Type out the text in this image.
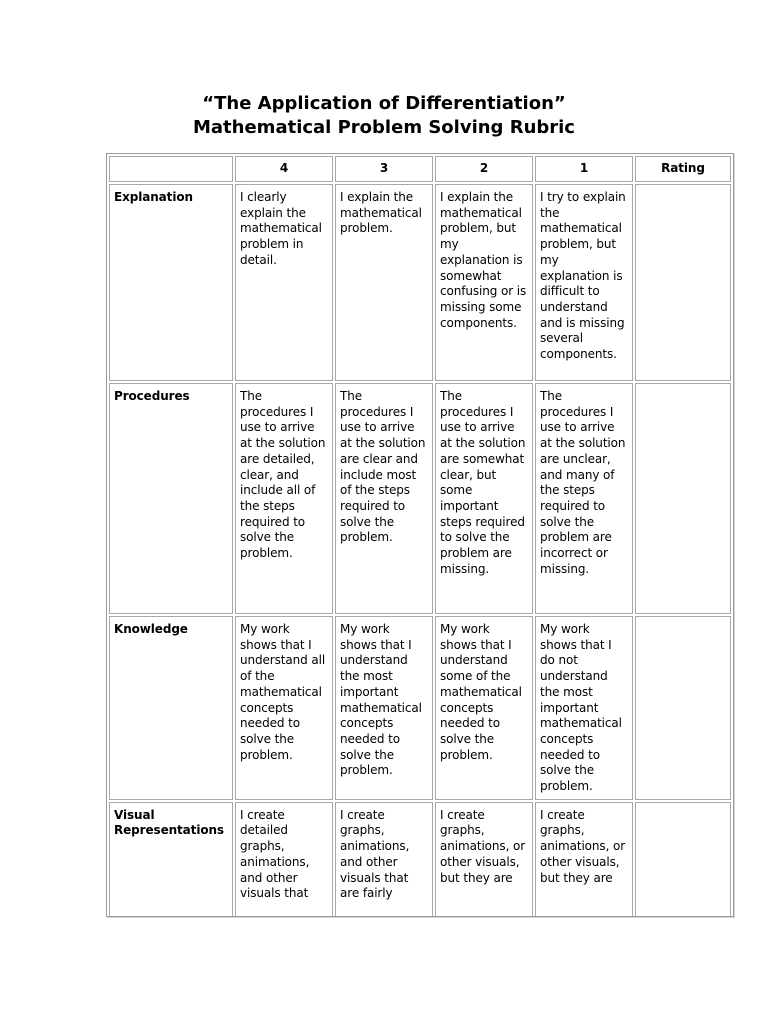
“The Application of Differentiation”
Mathematical Problem Solving Rubric
	4	3	2	1	Rating
Explanation	I clearly explain the mathematical problem in detail.	I explain the mathematical problem.	I explain the mathematical problem, but my explanation is somewhat confusing or is missing some components.	I try to explain the mathematical problem, but my explanation is difficult to understand and is missing several components.	
Procedures	The procedures I use to arrive at the solution are detailed, clear, and include all of the steps required to solve the problem.	The procedures I use to arrive at the solution are clear and include most of the steps required to solve the problem.	The procedures I use to arrive at the solution are somewhat clear, but some important steps required to solve the problem are missing.	The procedures I use to arrive at the solution are unclear, and many of the steps required to solve the problem are incorrect or missing.	
Knowledge	My work shows that I understand all of the mathematical concepts needed to solve the problem.	My work shows that I understand the most important mathematical concepts needed to solve the problem.	My work shows that I understand some of the mathematical concepts needed to solve the problem.	My work shows that I do not understand the most important mathematical concepts needed to solve the problem.	
Visual Representations	I create detailed graphs, animations, and other visuals that	I create graphs, animations, and other visuals that are fairly	I create graphs, animations, or other visuals, but they are	I create graphs, animations, or other visuals, but they are	
